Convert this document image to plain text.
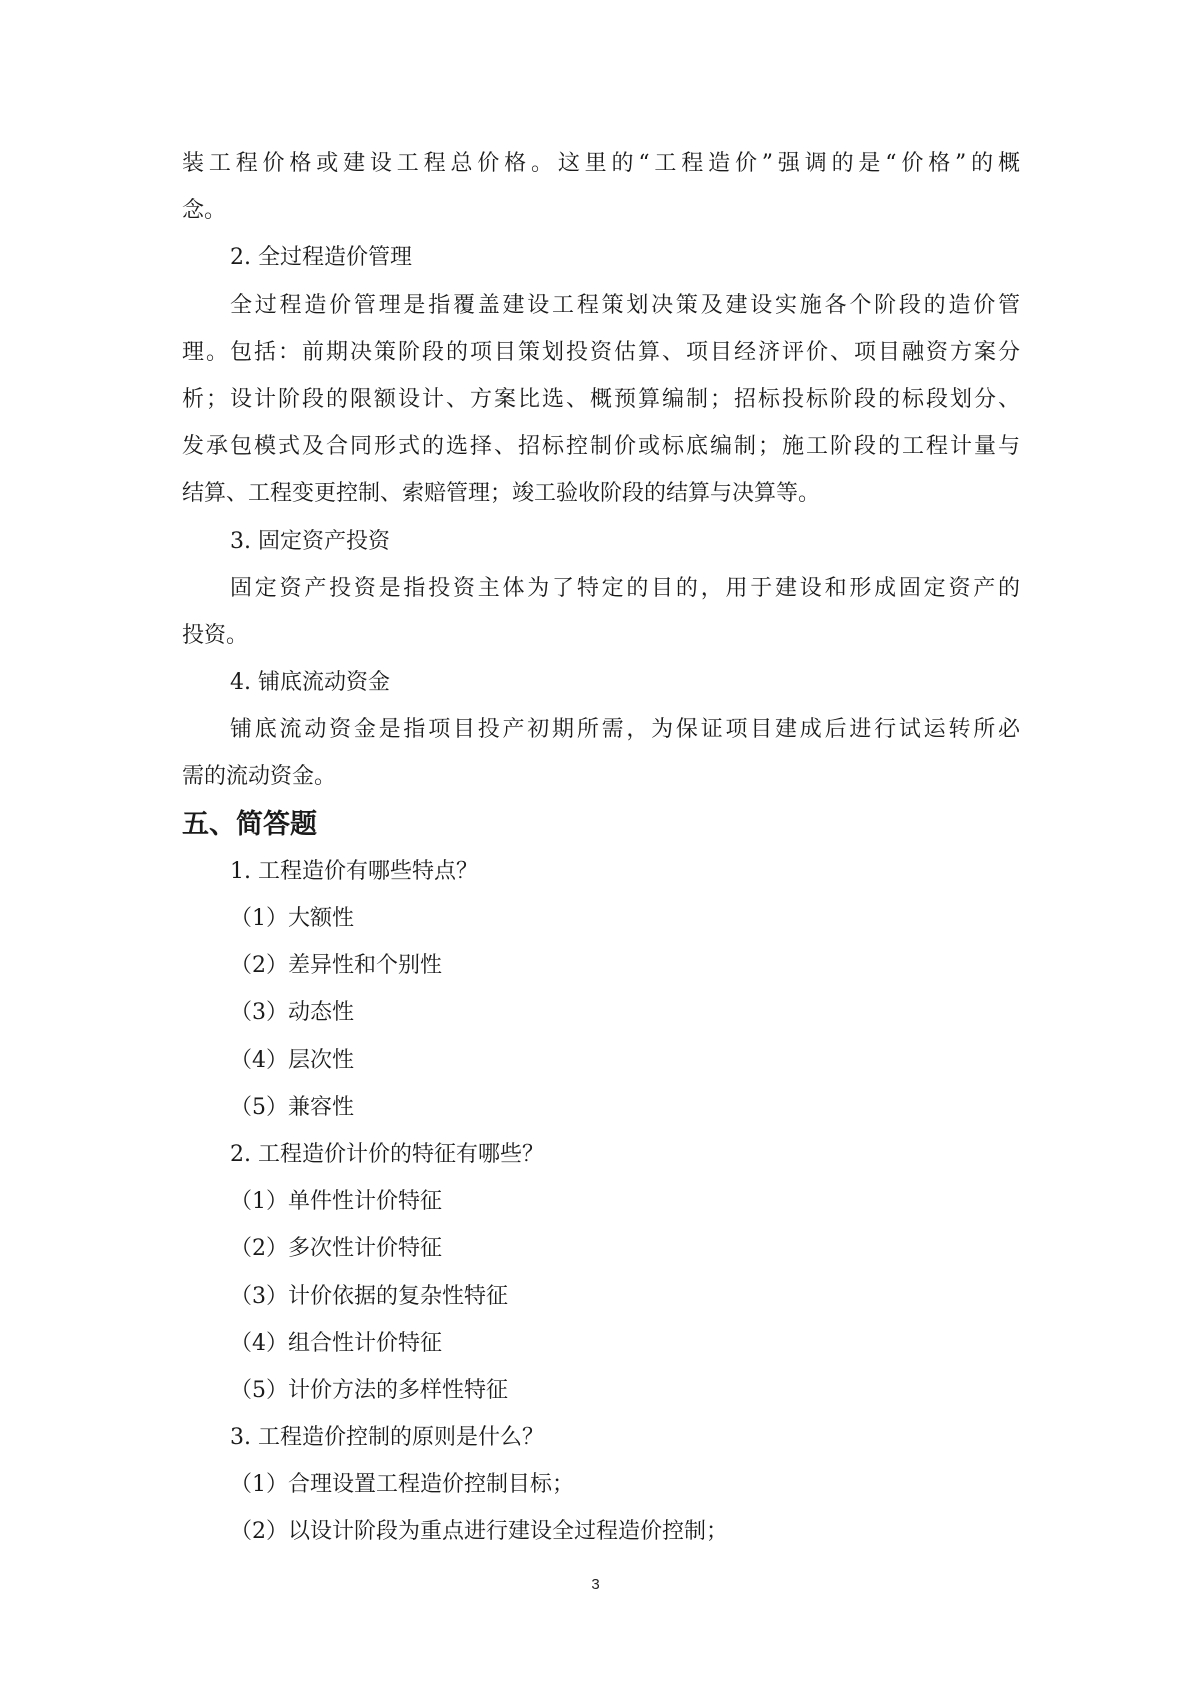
装工程价格或建设工程总价格。这里的“工程造价”强调的是“价格”的概
念。
2. 全过程造价管理
全过程造价管理是指覆盖建设工程策划决策及建设实施各个阶段的造价管
理。包括：前期决策阶段的项目策划投资估算、项目经济评价、项目融资方案分
析；设计阶段的限额设计、方案比选、概预算编制；招标投标阶段的标段划分、
发承包模式及合同形式的选择、招标控制价或标底编制；施工阶段的工程计量与
结算、工程变更控制、索赔管理；竣工验收阶段的结算与决算等。
3. 固定资产投资
固定资产投资是指投资主体为了特定的目的，用于建设和形成固定资产的
投资。
4. 铺底流动资金
铺底流动资金是指项目投产初期所需，为保证项目建成后进行试运转所必
需的流动资金。
五、简答题
1. 工程造价有哪些特点？
（1）大额性
（2）差异性和个别性
（3）动态性
（4）层次性
（5）兼容性
2. 工程造价计价的特征有哪些？
（1）单件性计价特征
（2）多次性计价特征
（3）计价依据的复杂性特征
（4）组合性计价特征
（5）计价方法的多样性特征
3. 工程造价控制的原则是什么？
（1）合理设置工程造价控制目标；
（2）以设计阶段为重点进行建设全过程造价控制；
3
